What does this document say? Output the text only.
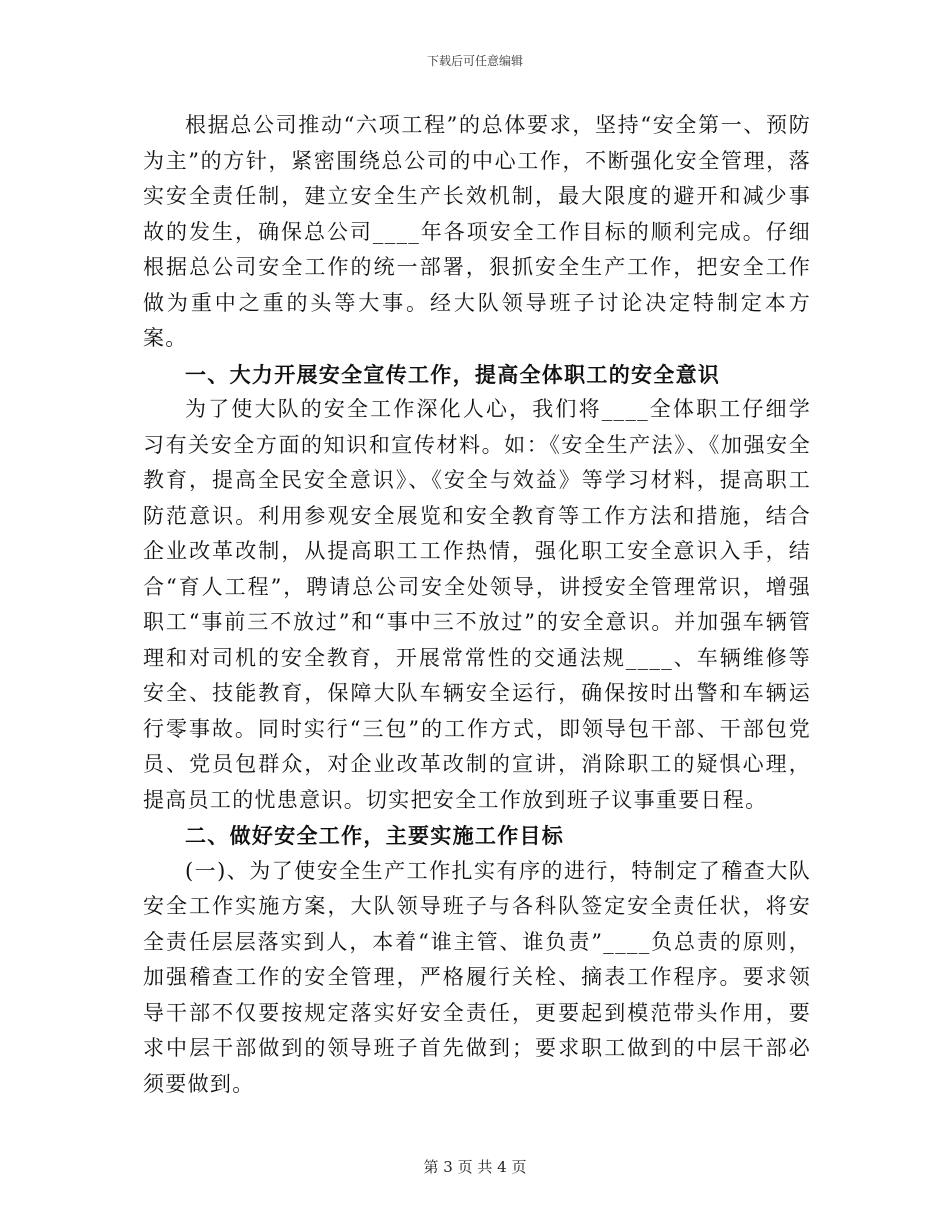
下载后可任意编辑

根据总公司推动“六项工程”的总体要求，坚持“安全第一、预防为主”的方针，紧密围绕总公司的中心工作，不断强化安全管理，落实安全责任制，建立安全生产长效机制，最大限度的避开和减少事故的发生，确保总公司____年各项安全工作目标的顺利完成。仔细根据总公司安全工作的统一部署，狠抓安全生产工作，把安全工作做为重中之重的头等大事。经大队领导班子讨论决定特制定本方案。

一、大力开展安全宣传工作，提高全体职工的安全意识

为了使大队的安全工作深化人心，我们将____全体职工仔细学习有关安全方面的知识和宣传材料。如：《安全生产法》、《加强安全教育，提高全民安全意识》、《安全与效益》等学习材料，提高职工防范意识。利用参观安全展览和安全教育等工作方法和措施，结合企业改革改制，从提高职工工作热情，强化职工安全意识入手，结合“育人工程”，聘请总公司安全处领导，讲授安全管理常识，增强职工“事前三不放过”和“事中三不放过”的安全意识。并加强车辆管理和对司机的安全教育，开展常常性的交通法规____、车辆维修等安全、技能教育，保障大队车辆安全运行，确保按时出警和车辆运行零事故。同时实行“三包”的工作方式，即领导包干部、干部包党员、党员包群众，对企业改革改制的宣讲，消除职工的疑惧心理，提高员工的忧患意识。切实把安全工作放到班子议事重要日程。

二、做好安全工作，主要实施工作目标

(一)、为了使安全生产工作扎实有序的进行，特制定了稽查大队安全工作实施方案，大队领导班子与各科队签定安全责任状，将安全责任层层落实到人，本着“谁主管、谁负责”____负总责的原则，加强稽查工作的安全管理，严格履行关栓、摘表工作程序。要求领导干部不仅要按规定落实好安全责任，更要起到模范带头作用，要求中层干部做到的领导班子首先做到；要求职工做到的中层干部必须要做到。

第 3 页 共 4 页
